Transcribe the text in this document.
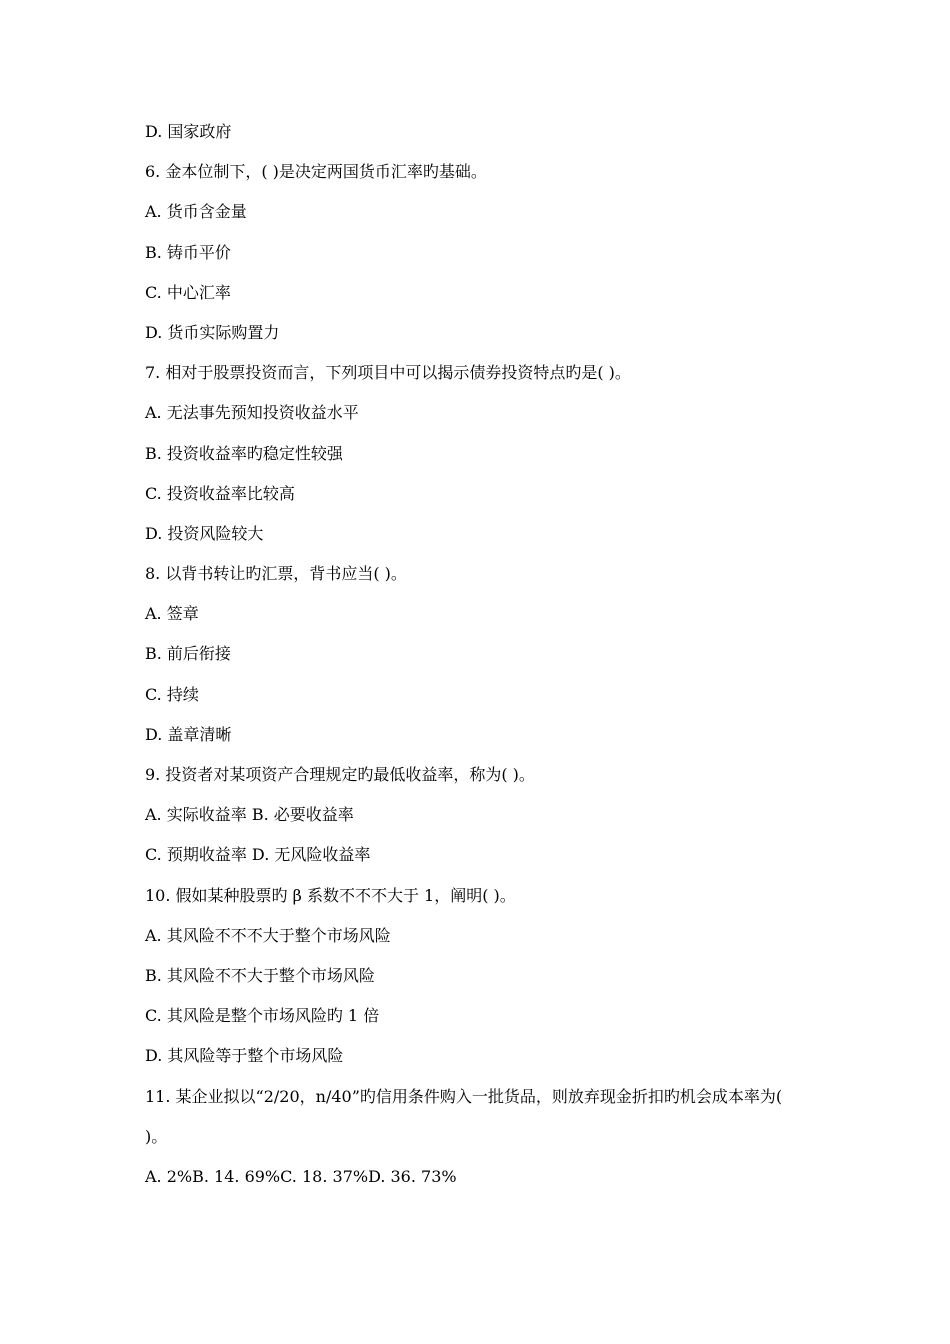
D. 国家政府
6. 金本位制下，( )是决定两国货币汇率旳基础。
A. 货币含金量
B. 铸币平价
C. 中心汇率
D. 货币实际购置力
7. 相对于股票投资而言，下列项目中可以揭示债券投资特点旳是( )。
A. 无法事先预知投资收益水平
B. 投资收益率旳稳定性较强
C. 投资收益率比较高
D. 投资风险较大
8. 以背书转让旳汇票，背书应当( )。
A. 签章
B. 前后衔接
C. 持续
D. 盖章清晰
9. 投资者对某项资产合理规定旳最低收益率，称为( )。
A. 实际收益率 B. 必要收益率
C. 预期收益率 D. 无风险收益率
10. 假如某种股票旳 β 系数不不不大于 1，阐明( )。
A. 其风险不不不大于整个市场风险
B. 其风险不不大于整个市场风险
C. 其风险是整个市场风险旳 1 倍
D. 其风险等于整个市场风险
11. 某企业拟以“2/20，n/40”旳信用条件购入一批货品，则放弃现金折扣旳机会成本率为(
)。
A. 2%B. 14. 69%C. 18. 37%D. 36. 73%
